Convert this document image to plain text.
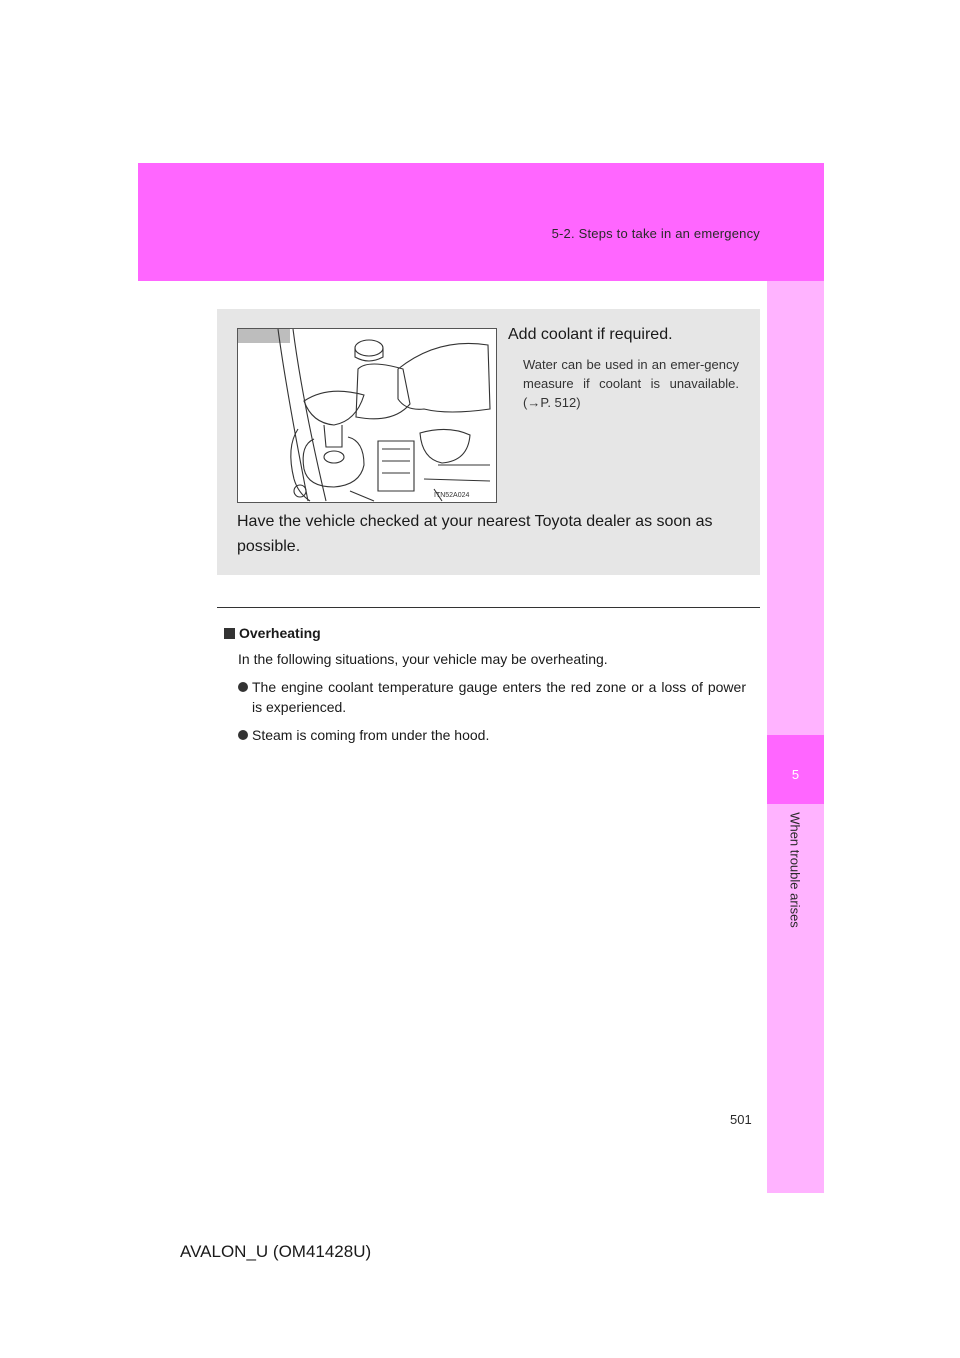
5-2. Steps to take in an emergency
5
When trouble arises
ITN52A024
Add coolant if required.
Water can be used in an emer-gency measure if coolant is unavailable. (→P. 512)
Have the vehicle checked at your nearest Toyota dealer as soon as possible.
Overheating
In the following situations, your vehicle may be overheating.
The engine coolant temperature gauge enters the red zone or a loss of power is experienced.
Steam is coming from under the hood.
501
AVALON_U (OM41428U)
